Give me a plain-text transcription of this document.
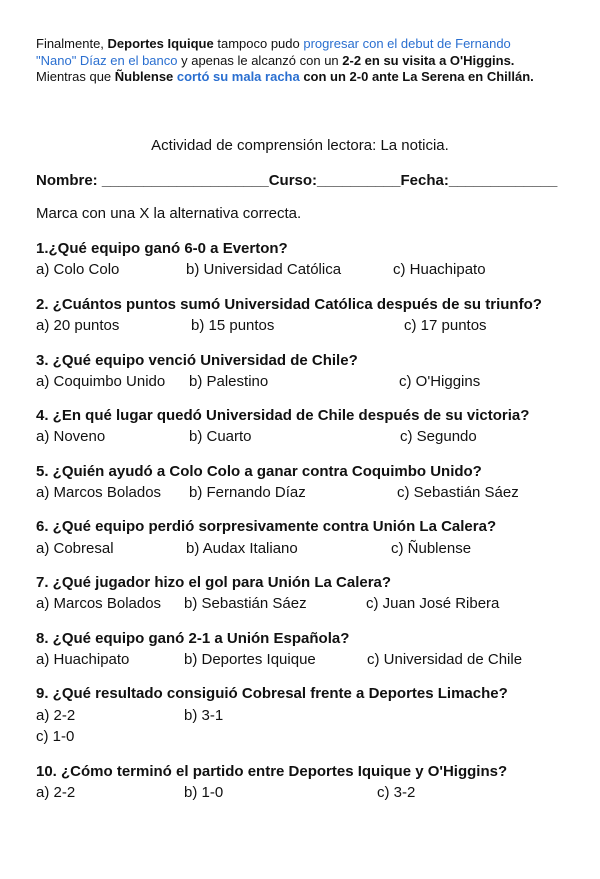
Finalmente, Deportes Iquique tampoco pudo progresar con el debut de Fernando
"Nano" Díaz en el banco y apenas le alcanzó con un 2-2 en su visita a O'Higgins.
Mientras que Ñublense cortó su mala racha con un 2-0 ante La Serena en Chillán.
Actividad de comprensión lectora: La noticia.
Nombre: ____________________Curso:__________Fecha:_____________
Marca con una X la alternativa correcta.
1.¿Qué equipo ganó 6-0 a Everton?
a) Colo Colo	b) Universidad Católica	c) Huachipato
2. ¿Cuántos puntos sumó Universidad Católica después de su triunfo?
a) 20 puntos	b) 15 puntos	c) 17 puntos
3. ¿Qué equipo venció Universidad de Chile?
a) Coquimbo Unido b) Palestino	c) O'Higgins
4. ¿En qué lugar quedó Universidad de Chile después de su victoria?
a) Noveno	b) Cuarto	c) Segundo
5. ¿Quién ayudó a Colo Colo a ganar contra Coquimbo Unido?
a) Marcos Bolados b) Fernando Díaz	c) Sebastián Sáez
6. ¿Qué equipo perdió sorpresivamente contra Unión La Calera?
a) Cobresal	b) Audax Italiano	c) Ñublense
7. ¿Qué jugador hizo el gol para Unión La Calera?
a) Marcos Bolados b) Sebastián Sáez	c) Juan José Ribera
8. ¿Qué equipo ganó 2-1 a Unión Española?
a) Huachipato	b) Deportes Iquique	c) Universidad de Chile
9. ¿Qué resultado consiguió Cobresal frente a Deportes Limache?
a) 2-2	b) 3-1
c) 1-0
10. ¿Cómo terminó el partido entre Deportes Iquique y O'Higgins?
a) 2-2	b) 1-0	c) 3-2
